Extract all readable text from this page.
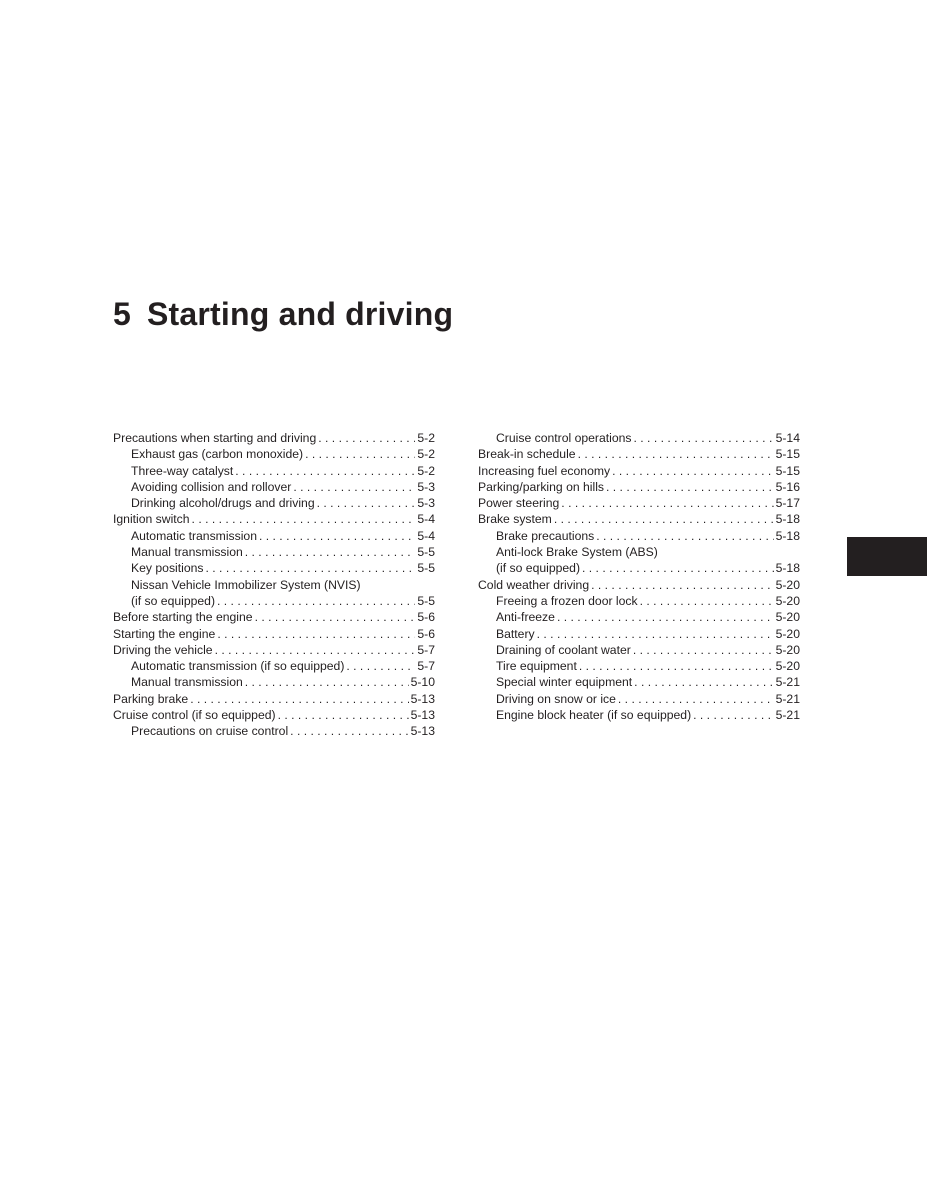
5 Starting and driving
Precautions when starting and driving . . .	5-2
Exhaust gas (carbon monoxide) . . .	5-2
Three-way catalyst . . .	5-2
Avoiding collision and rollover . . .	5-3
Drinking alcohol/drugs and driving . . .	5-3
Ignition switch . . .	5-4
Automatic transmission . . .	5-4
Manual transmission . . .	5-5
Key positions . . .	5-5
Nissan Vehicle Immobilizer System (NVIS)
(if so equipped) . . .	5-5
Before starting the engine . . .	5-6
Starting the engine . . .	5-6
Driving the vehicle . . .	5-7
Automatic transmission (if so equipped) . . .	5-7
Manual transmission . . .	5-10
Parking brake . . .	5-13
Cruise control (if so equipped) . . .	5-13
Precautions on cruise control . . .	5-13
Cruise control operations . . .	5-14
Break-in schedule . . .	5-15
Increasing fuel economy . . .	5-15
Parking/parking on hills . . .	5-16
Power steering . . .	5-17
Brake system . . .	5-18
Brake precautions . . .	5-18
Anti-lock Brake System (ABS)
(if so equipped) . . .	5-18
Cold weather driving . . .	5-20
Freeing a frozen door lock . . .	5-20
Anti-freeze . . .	5-20
Battery . . .	5-20
Draining of coolant water . . .	5-20
Tire equipment . . .	5-20
Special winter equipment . . .	5-21
Driving on snow or ice . . .	5-21
Engine block heater (if so equipped) . . .	5-21
